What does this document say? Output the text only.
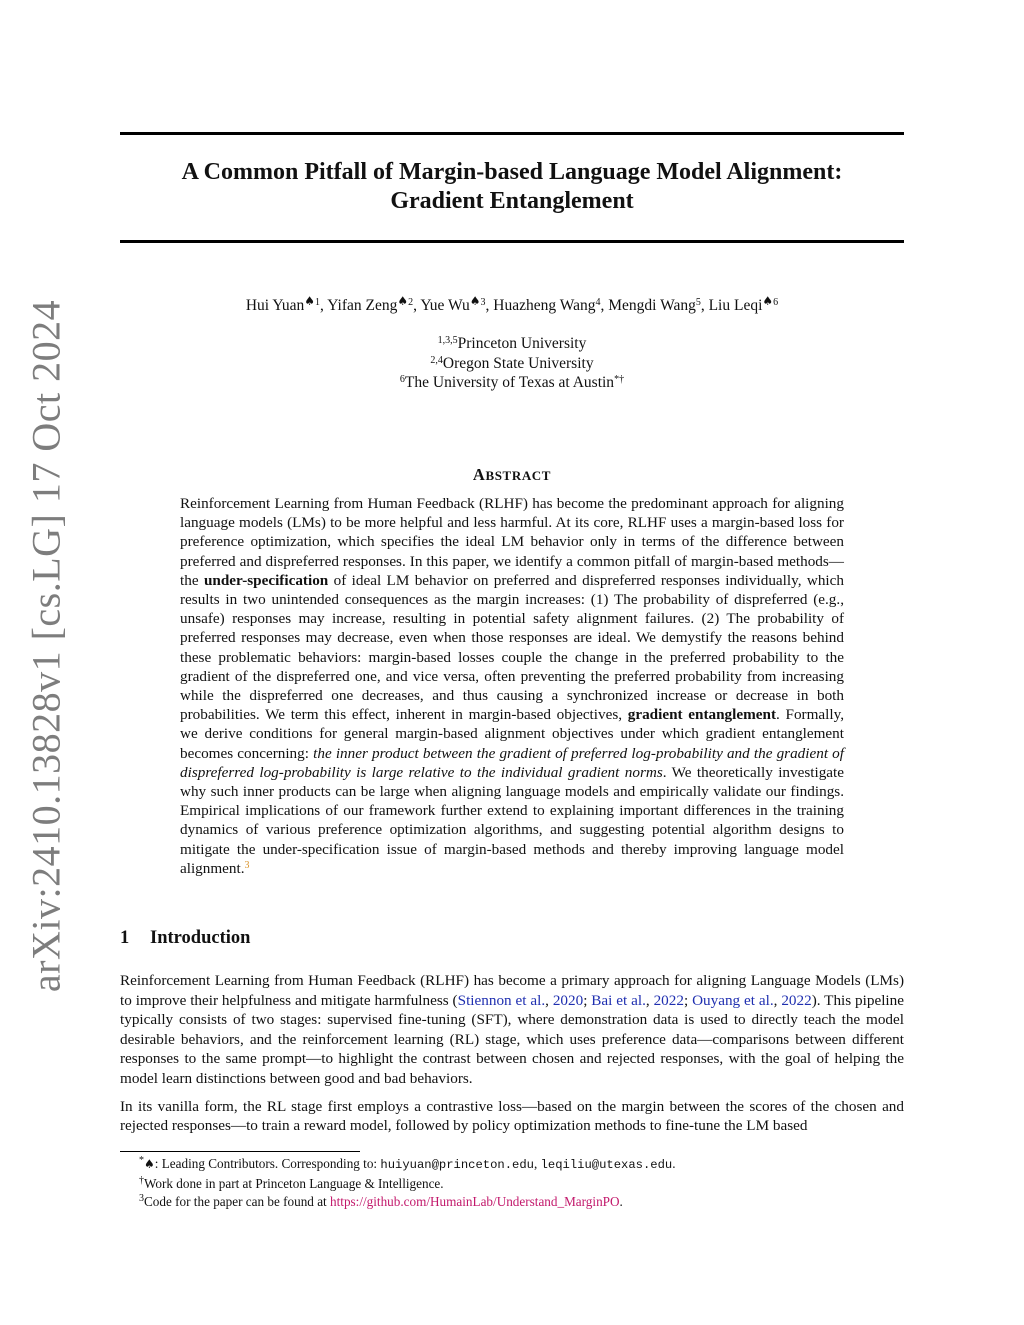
arXiv:2410.13828v1 [cs.LG] 17 Oct 2024
A Common Pitfall of Margin-based Language Model Alignment:
Gradient Entanglement
Hui Yuan$^{♠1}$, Yifan Zeng$^{♠2}$, Yue $Wu^{♠3}$, Huazheng Wang$^4$, Mengdi Wang$^5$, Liu Leqi$^{♠6}$
$^{1,3,5}$Princeton University
$^{2,4}$Oregon State University
$^6$The University of Texas at Austin*†
ABSTRACT

Reinforcement Learning from Human Feedback (RLHF) has become the predominant approach for aligning language models (LMs) to be more helpful and less harmful. At its core, RLHF uses a margin-based loss for preference optimization, which specifies the ideal LM behavior only in terms of the difference between preferred and dispreferred responses. In this paper, we identify a common pitfall of margin-based methods—the under-specification of ideal LM behavior on preferred and dispreferred responses individually, which results in two unintended consequences as the margin increases: (1) The probability of dispreferred (e.g., unsafe) responses may increase, resulting in potential safety alignment failures. (2) The probability of preferred responses may decrease, even when those responses are ideal. We demystify the reasons behind these problematic behaviors: margin-based losses couple the change in the preferred probability to the gradient of the dispreferred one, and vice versa, often preventing the preferred probability from increasing while the dispreferred one decreases, and thus causing a synchronized increase or decrease in both probabilities. We term this effect, inherent in margin-based objectives, gradient entanglement. Formally, we derive conditions for general margin-based alignment objectives under which gradient entanglement becomes concerning: the inner product between the gradient of preferred log-probability and the gradient of dispreferred log-probability is large relative to the individual gradient norms. We theoretically investigate why such inner products can be large when aligning language models and empirically validate our findings. Empirical implications of our framework further extend to explaining important differences in the training dynamics of various preference optimization algorithms, and suggesting potential algorithm designs to mitigate the under-specification issue of margin-based methods and thereby improving language model alignment.$^3$

1 Introduction

Reinforcement Learning from Human Feedback (RLHF) has become a primary approach for aligning Language Models (LMs) to improve their helpfulness and mitigate harmfulness (Stiennon et al., 2020; Bai et al., 2022; Ouyang et al., 2022). This pipeline typically consists of two stages: supervised fine-tuning (SFT), where demonstration data is used to directly teach the model desirable behaviors, and the reinforcement learning (RL) stage, which uses preference data—comparisons between different responses to the same prompt—to highlight the contrast between chosen and rejected responses, with the goal of helping the model learn distinctions between good and bad behaviors.

In its vanilla form, the RL stage first employs a contrastive loss—based on the margin between the scores of the chosen and rejected responses—to train a reward model, followed by policy optimization methods to fine-tune the LM based

*♠: Leading Contributors. Corresponding to: huiyuan@princeton.edu, leqiliu@utexas.edu.
†Work done in part at Princeton Language & Intelligence.
$^3$Code for the paper can be found at https://github.com/HumainLab/Understand_MarginPO.
